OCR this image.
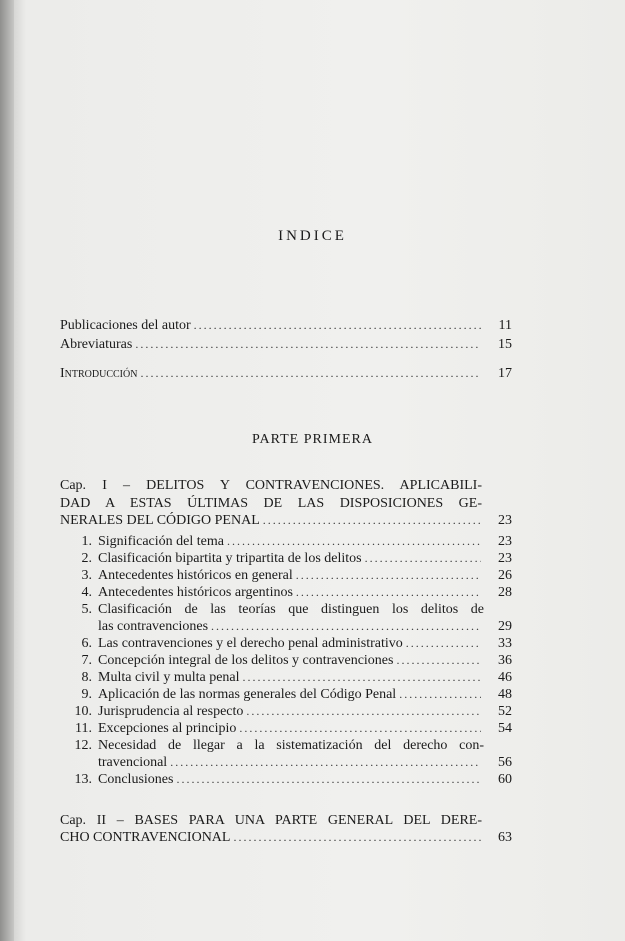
INDICE
Publicaciones del autor .....	11
Abreviaturas .....	15
Introducción .....	17
PARTE PRIMERA
Cap. I – DELITOS Y CONTRAVENCIONES. APLICABILI-
DAD A ESTAS ÚLTIMAS DE LAS DISPOSICIONES GE-
NERALES DEL CÓDIGO PENAL .....	23
1. Significación del tema .....	23
2. Clasificación bipartita y tripartita de los delitos .....	23
3. Antecedentes históricos en general .....	26
4. Antecedentes históricos argentinos .....	28
5. Clasificación de las teorías que distinguen los delitos de
las contravenciones .....	29
6. Las contravenciones y el derecho penal administrativo .....	33
7. Concepción integral de los delitos y contravenciones .....	36
8. Multa civil y multa penal .....	46
9. Aplicación de las normas generales del Código Penal .....	48
10. Jurisprudencia al respecto .....	52
11. Excepciones al principio .....	54
12. Necesidad de llegar a la sistematización del derecho con-
travencional .....	56
13. Conclusiones .....	60
Cap. II – BASES PARA UNA PARTE GENERAL DEL DERE-
CHO CONTRAVENCIONAL .....	63
